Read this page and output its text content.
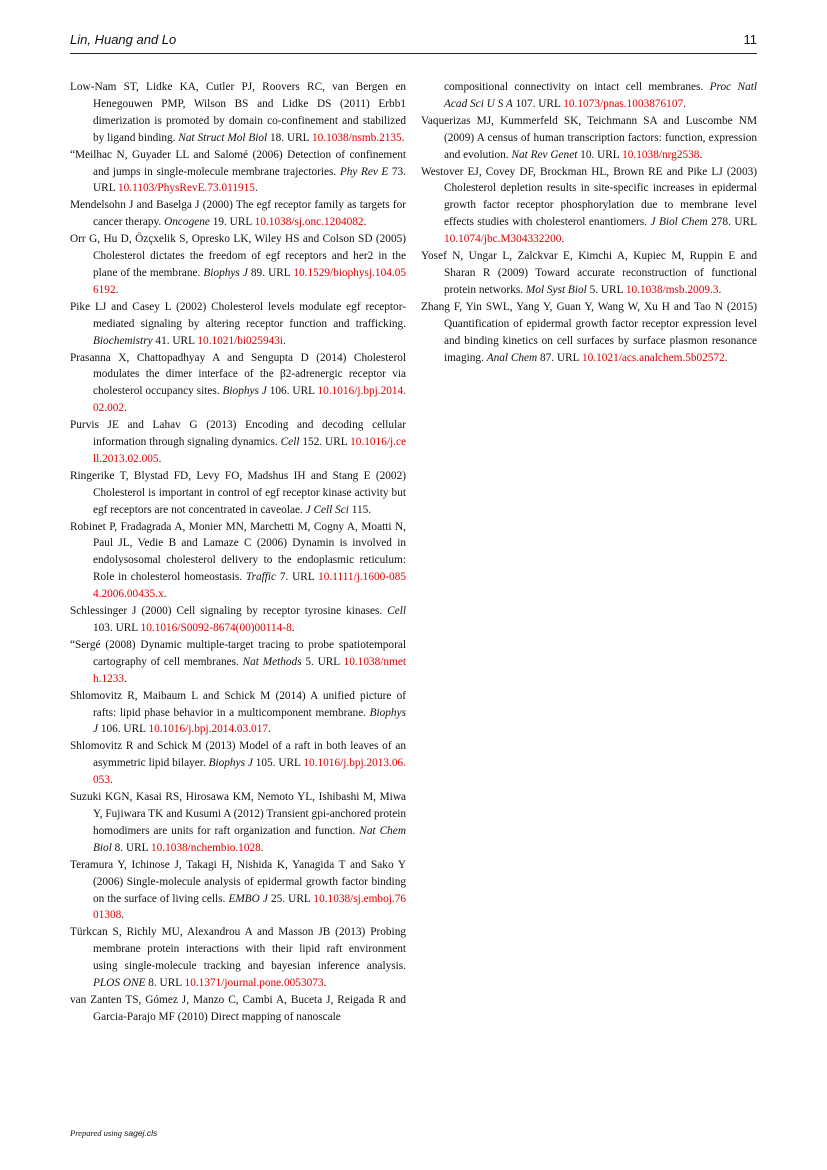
Lin, Huang and Lo	11

Low-Nam ST, Lidke KA, Cutler PJ, Roovers RC, van Bergen en Henegouwen PMP, Wilson BS and Lidke DS (2011) Erbb1 dimerization is promoted by domain co-confinement and stabilized by ligand binding. Nat Struct Mol Biol 18. URL 10.1038/nsmb.2135.

“Meilhac N, Guyader LL and Salomé (2006) Detection of confinement and jumps in single-molecule membrane trajectories. Phy Rev E 73. URL 10.1103/PhysRevE.73.011915.

Mendelsohn J and Baselga J (2000) The egf receptor family as targets for cancer therapy. Oncogene 19. URL 10.1038/sj.onc.1204082.

Orr G, Hu D, Özçxelik S, Opresko LK, Wiley HS and Colson SD (2005) Cholesterol dictates the freedom of egf receptors and her2 in the plane of the membrane. Biophys J 89. URL 10.1529/biophysj.104.056192.

Pike LJ and Casey L (2002) Cholesterol levels modulate egf receptor-mediated signaling by altering receptor function and trafficking. Biochemistry 41. URL 10.1021/bi025943i.

Prasanna X, Chattopadhyay A and Sengupta D (2014) Cholesterol modulates the dimer interface of the β2-adrenergic receptor via cholesterol occupancy sites. Biophys J 106. URL 10.1016/j.bpj.2014.02.002.

Purvis JE and Lahav G (2013) Encoding and decoding cellular information through signaling dynamics. Cell 152. URL 10.1016/j.cell.2013.02.005.

Ringerike T, Blystad FD, Levy FO, Madshus IH and Stang E (2002) Cholesterol is important in control of egf receptor kinase activity but egf receptors are not concentrated in caveolae. J Cell Sci 115.

Robinet P, Fradagrada A, Monier MN, Marchetti M, Cogny A, Moatti N, Paul JL, Vedie B and Lamaze C (2006) Dynamin is involved in endolysosomal cholesterol delivery to the endoplasmic reticulum: Role in cholesterol homeostasis. Traffic 7. URL 10.1111/j.1600-0854.2006.00435.x.

Schlessinger J (2000) Cell signaling by receptor tyrosine kinases. Cell 103. URL 10.1016/S0092-8674(00)00114-8.

“Sergé (2008) Dynamic multiple-target tracing to probe spatiotemporal cartography of cell membranes. Nat Methods 5. URL 10.1038/nmeth.1233.

Shlomovitz R, Maibaum L and Schick M (2014) A unified picture of rafts: lipid phase behavior in a multicomponent membrane. Biophys J 106. URL 10.1016/j.bpj.2014.03.017.

Shlomovitz R and Schick M (2013) Model of a raft in both leaves of an asymmetric lipid bilayer. Biophys J 105. URL 10.1016/j.bpj.2013.06.053.

Suzuki KGN, Kasai RS, Hirosawa KM, Nemoto YL, Ishibashi M, Miwa Y, Fujiwara TK and Kusumi A (2012) Transient gpi-anchored protein homodimers are units for raft organization and function. Nat Chem Biol 8. URL 10.1038/nchembio.1028.

Teramura Y, Ichinose J, Takagi H, Nishida K, Yanagida T and Sako Y (2006) Single-molecule analysis of epidermal growth factor binding on the surface of living cells. EMBO J 25. URL 10.1038/sj.emboj.7601308.

Türkcan S, Richly MU, Alexandrou A and Masson JB (2013) Probing membrane protein interactions with their lipid raft environment using single-molecule tracking and bayesian inference analysis. PLOS ONE 8. URL 10.1371/journal.pone.0053073.

van Zanten TS, Gómez J, Manzo C, Cambi A, Buceta J, Reigada R and Garcia-Parajo MF (2010) Direct mapping of nanoscale

compositional connectivity on intact cell membranes. Proc Natl Acad Sci U S A 107. URL 10.1073/pnas.1003876107.

Vaquerizas MJ, Kummerfeld SK, Teichmann SA and Luscombe NM (2009) A census of human transcription factors: function, expression and evolution. Nat Rev Genet 10. URL 10.1038/nrg2538.

Westover EJ, Covey DF, Brockman HL, Brown RE and Pike LJ (2003) Cholesterol depletion results in site-specific increases in epidermal growth factor receptor phosphorylation due to membrane level effects studies with cholesterol enantiomers. J Biol Chem 278. URL 10.1074/jbc.M304332200.

Yosef N, Ungar L, Zalckvar E, Kimchi A, Kupiec M, Ruppin E and Sharan R (2009) Toward accurate reconstruction of functional protein networks. Mol Syst Biol 5. URL 10.1038/msb.2009.3.

Zhang F, Yin SWL, Yang Y, Guan Y, Wang W, Xu H and Tao N (2015) Quantification of epidermal growth factor receptor expression level and binding kinetics on cell surfaces by surface plasmon resonance imaging. Anal Chem 87. URL 10.1021/acs.analchem.5b02572.

Prepared using sagej.cls
